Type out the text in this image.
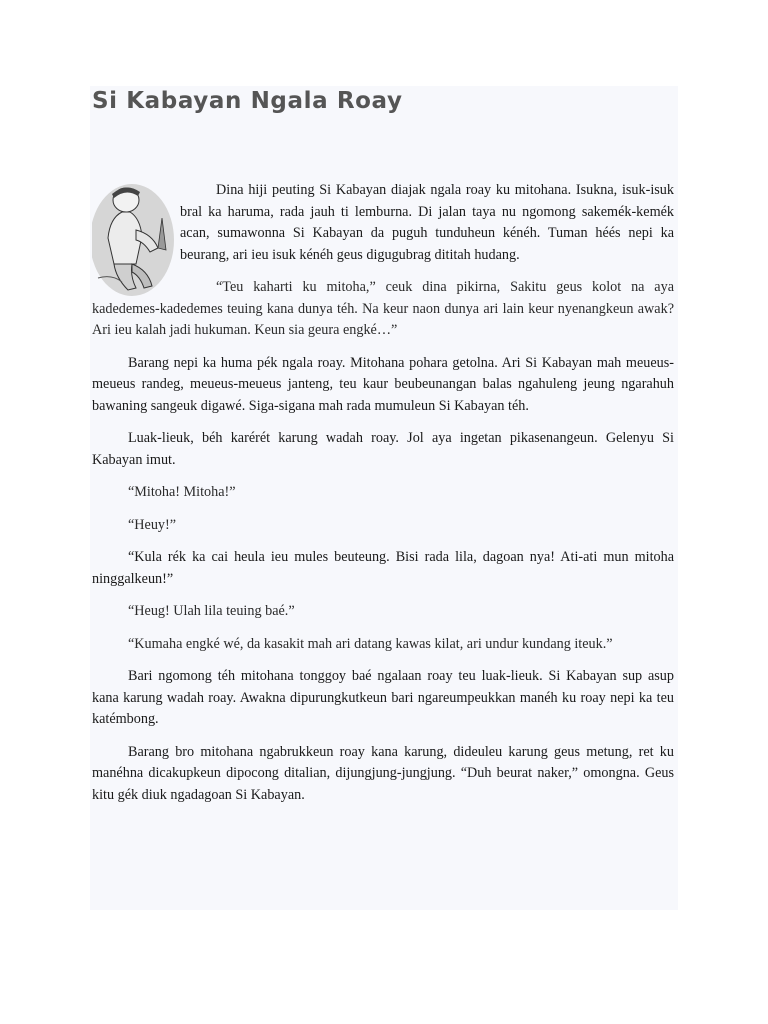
Si Kabayan Ngala Roay

Dina hiji peuting Si Kabayan diajak ngala roay ku mitohana. Isukna, isuk-isuk bral ka haruma, rada jauh ti lemburna. Di jalan taya nu ngomong sakemék-kemék acan, sumawonna Si Kabayan da puguh tunduheun kénéh. Tuman héés nepi ka beurang, ari ieu isuk kénéh geus digugubrag dititah hudang.

“Teu kaharti ku mitoha,” ceuk dina pikirna, Sakitu geus kolot na aya kadedemes-kadedemes teuing kana dunya téh. Na keur naon dunya ari lain keur nyenangkeun awak? Ari ieu kalah jadi hukuman. Keun sia geura engké…”

Barang nepi ka huma pék ngala roay. Mitohana pohara getolna. Ari Si Kabayan mah meueus-meueus randeg, meueus-meueus janteng, teu kaur beubeunangan balas ngahuleng jeung ngarahuh bawaning sangeuk digawé. Siga-sigana mah rada mumuleun Si Kabayan téh.

Luak-lieuk, béh karérét karung wadah roay. Jol aya ingetan pikasenangeun. Gelenyu Si Kabayan imut.

“Mitoha! Mitoha!”

“Heuy!”

“Kula rék ka cai heula ieu mules beuteung. Bisi rada lila, dagoan nya! Ati-ati mun mitoha ninggalkeun!”

“Heug! Ulah lila teuing baé.”

“Kumaha engké wé, da kasakit mah ari datang kawas kilat, ari undur kundang iteuk.”

Bari ngomong téh mitohana tonggoy baé ngalaan roay teu luak-lieuk. Si Kabayan sup asup kana karung wadah roay. Awakna dipurungkutkeun bari ngareumpeukkan manéh ku roay nepi ka teu katémbong.

Barang bro mitohana ngabrukkeun roay kana karung, dideuleu karung geus metung, ret ku manéhna dicakupkeun dipocong ditalian, dijungjung-jungjung. “Duh beurat naker,” omongna. Geus kitu gék diuk ngadagoan Si Kabayan.
